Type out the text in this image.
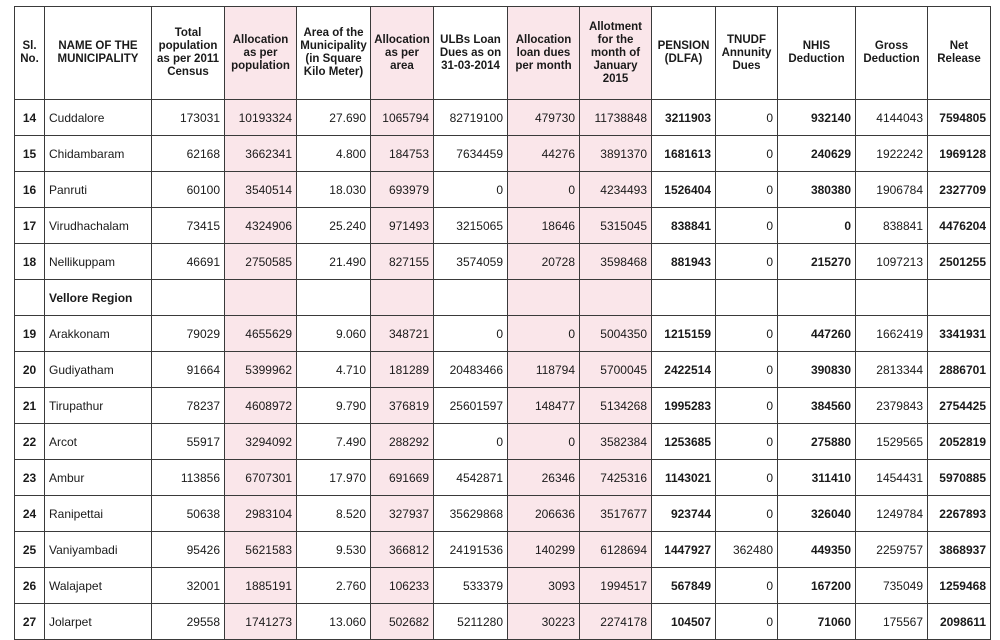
Sl. No.	NAME OF THE MUNICIPALITY	Total population as per 2011 Census	Allocation as per population	Area of the Municipality (in Square Kilo Meter)	Allocation as per area	ULBs Loan Dues as on 31-03-2014	Allocation loan dues per month	Allotment for the month of January 2015	PENSION (DLFA)	TNUDF Annunity Dues	NHIS Deduction	Gross Deduction	Net Release
14	Cuddalore	173031	10193324	27.690	1065794	82719100	479730	11738848	3211903	0	932140	4144043	7594805
15	Chidambaram	62168	3662341	4.800	184753	7634459	44276	3891370	1681613	0	240629	1922242	1969128
16	Panruti	60100	3540514	18.030	693979	0	0	4234493	1526404	0	380380	1906784	2327709
17	Virudhachalam	73415	4324906	25.240	971493	3215065	18646	5315045	838841	0	0	838841	4476204
18	Nellikuppam	46691	2750585	21.490	827155	3574059	20728	3598468	881943	0	215270	1097213	2501255
	Vellore Region												
19	Arakkonam	79029	4655629	9.060	348721	0	0	5004350	1215159	0	447260	1662419	3341931
20	Gudiyatham	91664	5399962	4.710	181289	20483466	118794	5700045	2422514	0	390830	2813344	2886701
21	Tirupathur	78237	4608972	9.790	376819	25601597	148477	5134268	1995283	0	384560	2379843	2754425
22	Arcot	55917	3294092	7.490	288292	0	0	3582384	1253685	0	275880	1529565	2052819
23	Ambur	113856	6707301	17.970	691669	4542871	26346	7425316	1143021	0	311410	1454431	5970885
24	Ranipettai	50638	2983104	8.520	327937	35629868	206636	3517677	923744	0	326040	1249784	2267893
25	Vaniyambadi	95426	5621583	9.530	366812	24191536	140299	6128694	1447927	362480	449350	2259757	3868937
26	Walajapet	32001	1885191	2.760	106233	533379	3093	1994517	567849	0	167200	735049	1259468
27	Jolarpet	29558	1741273	13.060	502682	5211280	30223	2274178	104507	0	71060	175567	2098611
